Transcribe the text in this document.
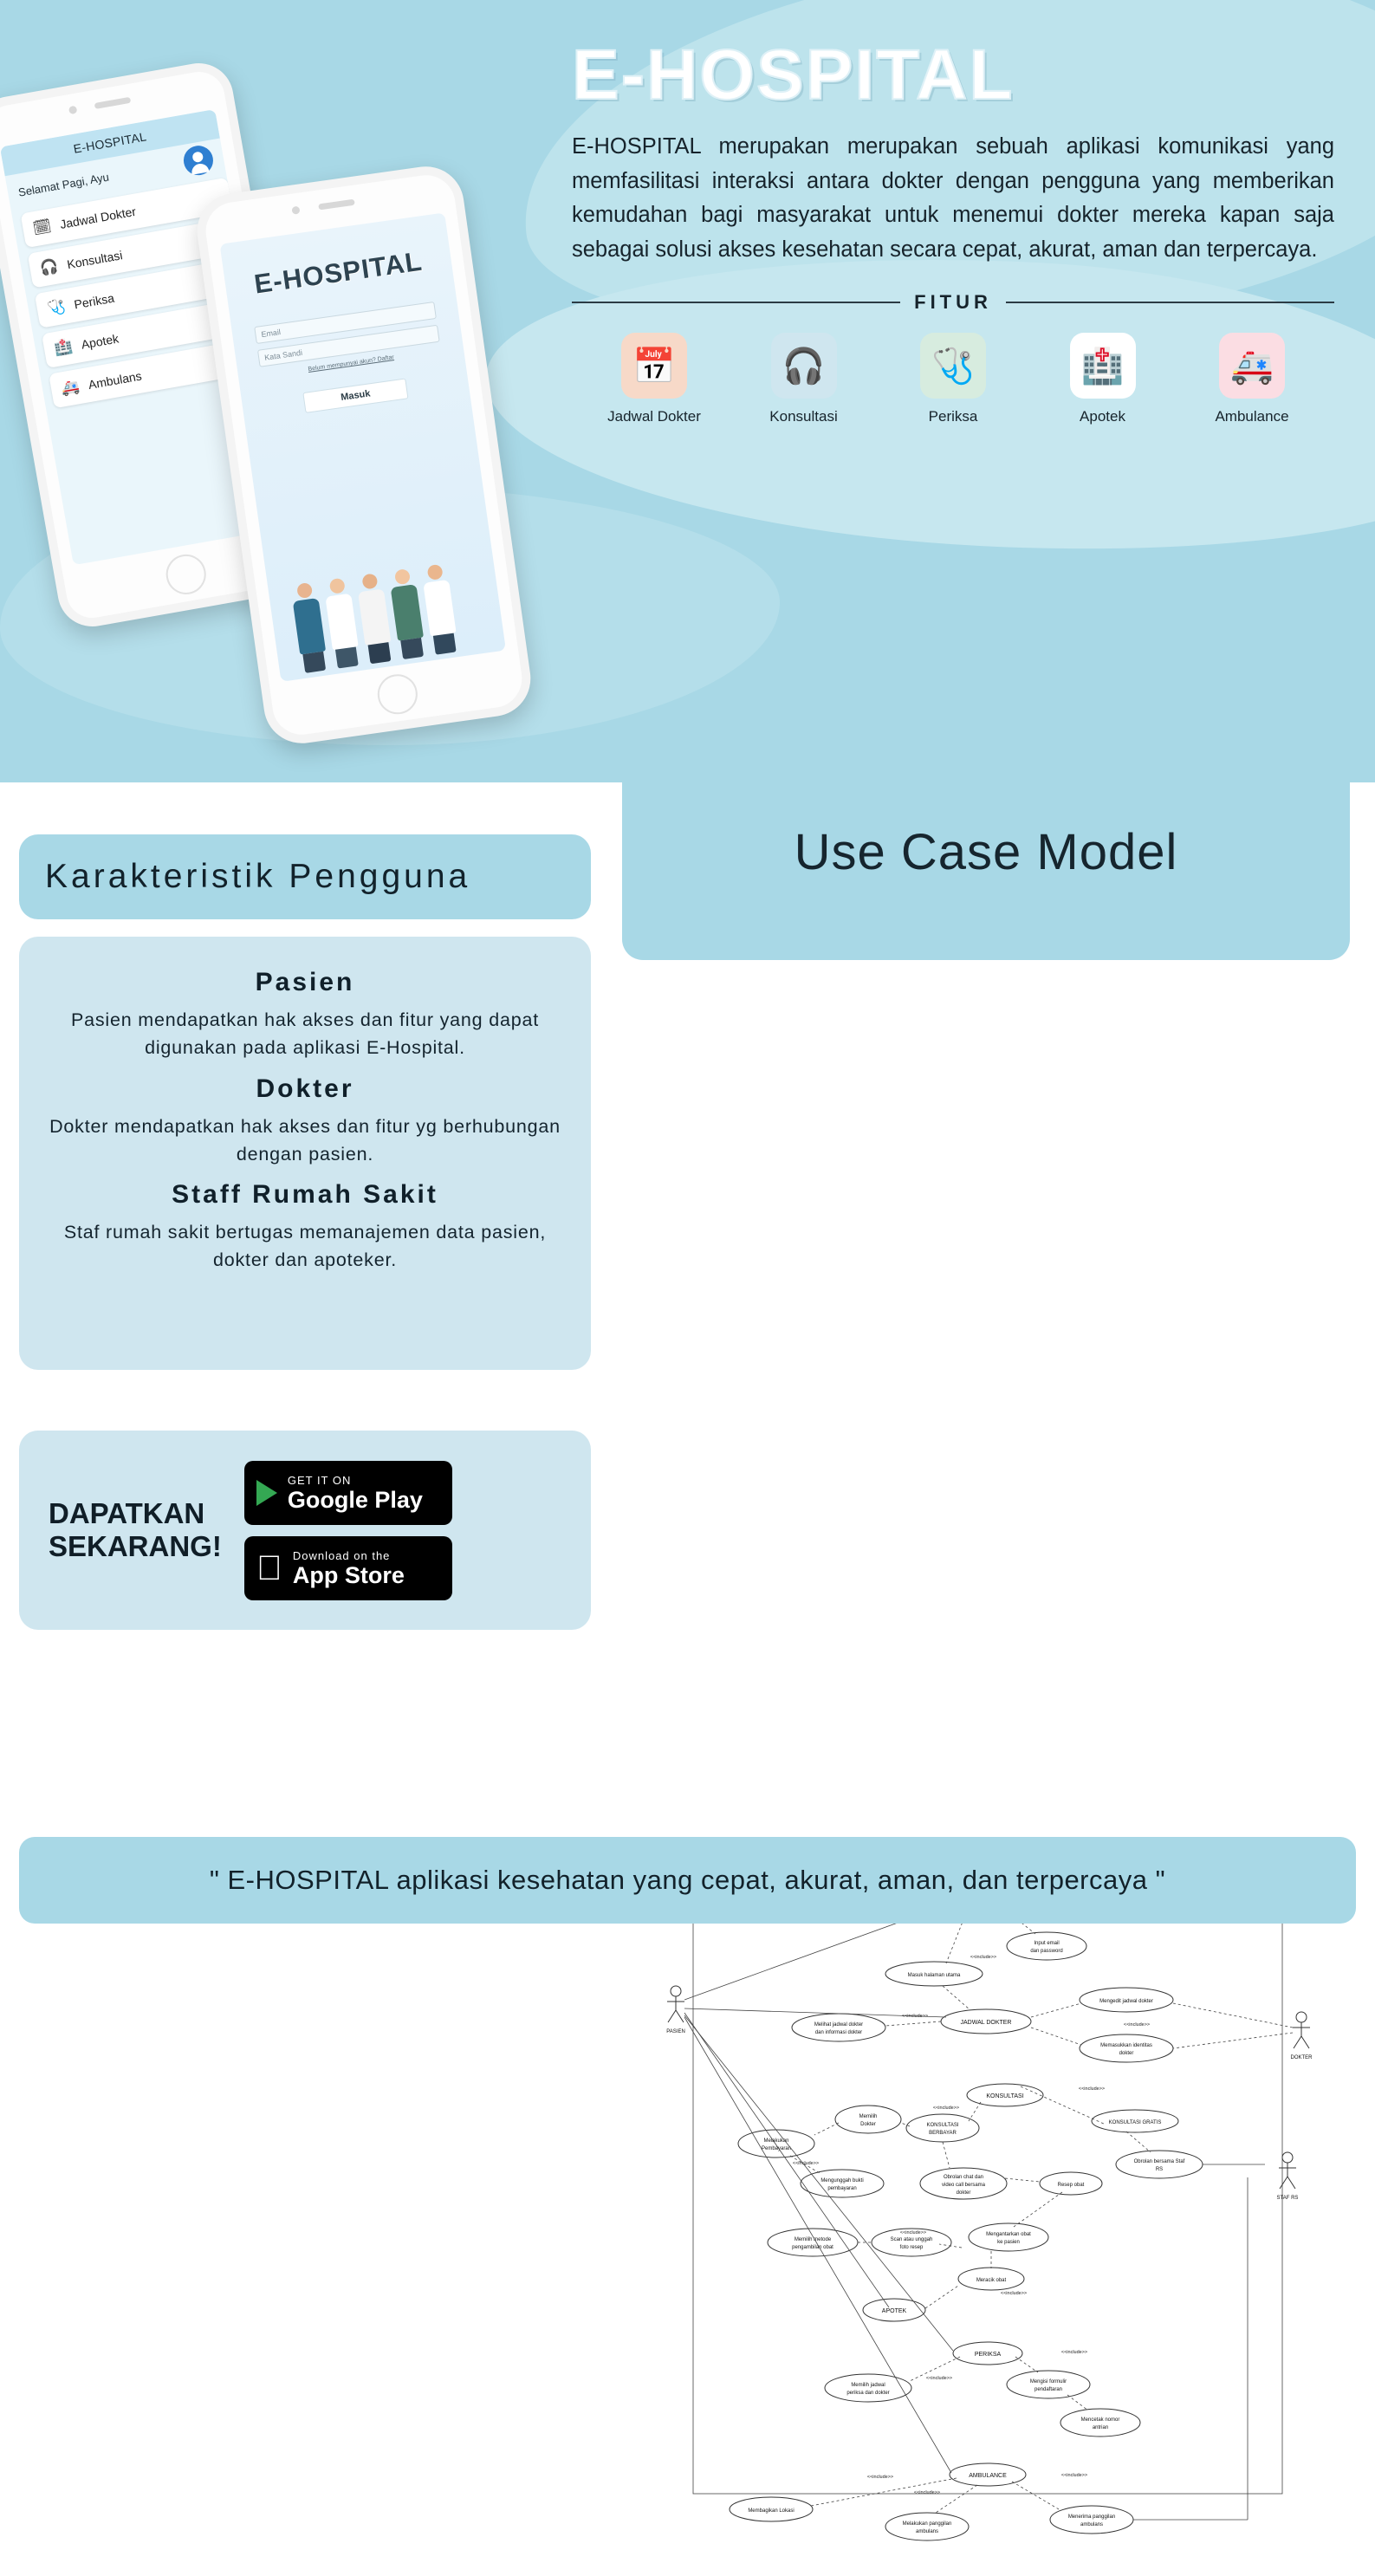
E-HOSPITAL
Selamat Pagi, Ayu
🗓 Jadwal Dokter
🎧 Konsultasi
🩺 Periksa
🏥 Apotek
🚑 Ambulans
E-HOSPITAL
Email
Kata Sandi Belum mempunyai akun? Daftar
Masuk
E-HOSPITAL

E-HOSPITAL merupakan merupakan sebuah aplikasi komunikasi yang memfasilitasi interaksi antara dokter dengan pengguna yang memberikan kemudahan bagi masyarakat untuk menemui dokter mereka kapan saja sebagai solusi akses kesehatan secara cepat, akurat, aman dan terpercaya.

FITUR
📅
Jadwal Dokter
🎧
Konsultasi
🩺
Periksa
🏥
Apotek
🚑
Ambulance
Karakteristik Pengguna
Pasien
Pasien mendapatkan hak akses dan fitur yang dapat digunakan pada aplikasi E-Hospital.
Dokter
Dokter mendapatkan hak akses dan fitur yg berhubungan dengan pasien.
Staff Rumah Sakit
Staf rumah sakit bertugas memanajemen data pasien, dokter dan apoteker.
DAPATKAN
SEKARANG!
GET IT ON
Google Play
Download on the
App Store
Use Case Model
PASIEN
DOKTER
STAF RS
Input email
dan password
Masuk halaman utama
JADWAL DOKTER
Mengedit jadwal dokter
Melihat jadwal dokter
dan informasi dokter
Memasukkan identitas
dokter
KONSULTASI
KONSULTASI GRATIS
KONSULTASI
BERBAYAR
Memilih
Dokter
Melakukan
Pembayaran
Mengunggah bukti
pembayaran
Obrolan chat dan
video call bersama
dokter
Obrolan bersama Staf
RS
Resep obat
Memilih metode
pengambilan obat
Scan atau unggah
foto resep
Mengantarkan obat
ke pasien
Meracik obat
APOTEK
PERIKSA
Memilih jadwal
periksa dan dokter
Mengisi formulir
pendaftaran
Mencetak nomor
antrian
AMBULANCE
Membagikan Lokasi
Melakukan panggilan
ambulans
Menerima panggilan
ambulans
<<include>>
<<include>>
<<include>>
<<include>>
<<include>>
<<include>>
<<include>>
<<include>>
<<include>>
<<include>>
<<include>>
<<include>>
<<include>>
" E-HOSPITAL aplikasi kesehatan yang cepat, akurat, aman, dan terpercaya "
